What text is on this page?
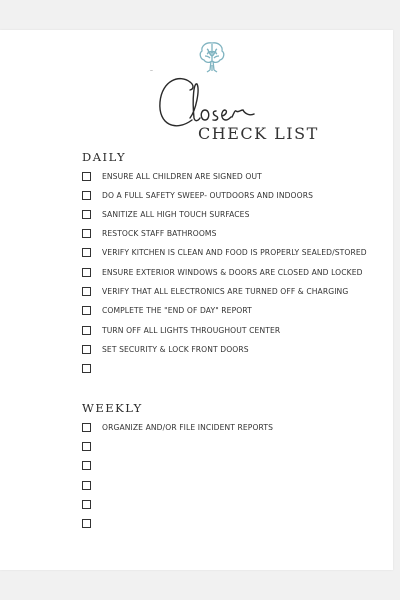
CHECK LIST
DAILY
ENSURE ALL CHILDREN ARE SIGNED OUT
DO A FULL SAFETY SWEEP- OUTDOORS AND INDOORS
SANITIZE ALL HIGH TOUCH SURFACES
RESTOCK STAFF BATHROOMS
VERIFY KITCHEN IS CLEAN AND FOOD IS PROPERLY SEALED/STORED
ENSURE EXTERIOR WINDOWS & DOORS ARE CLOSED AND LOCKED
VERIFY THAT ALL ELECTRONICS ARE TURNED OFF & CHARGING
COMPLETE THE "END OF DAY" REPORT
TURN OFF ALL LIGHTS THROUGHOUT CENTER
SET SECURITY & LOCK FRONT DOORS
WEEKLY
ORGANIZE AND/OR FILE INCIDENT REPORTS
